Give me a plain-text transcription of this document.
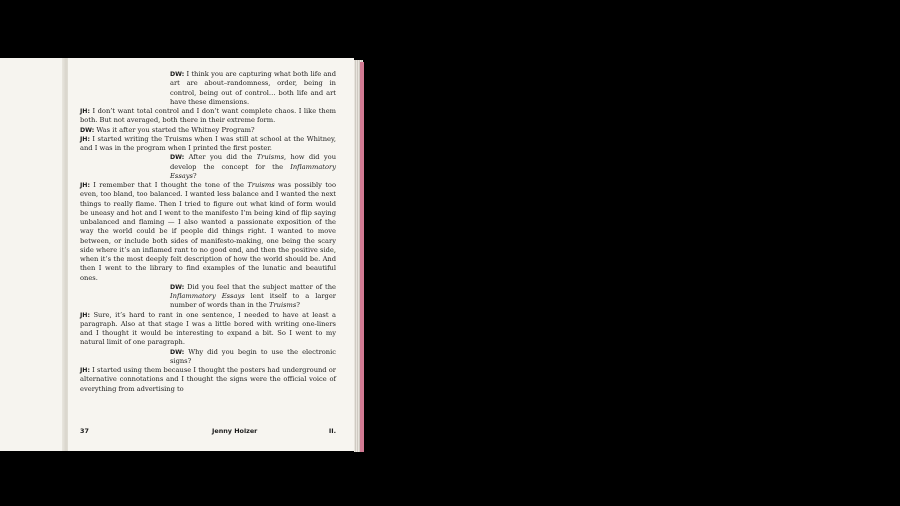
DW: I think you are capturing what both life and art are about–randomness, order, being in control, being out of control… both life and art have these dimensions.

JH: I don’t want total control and I don’t want complete chaos. I like them both. But not averaged, both there in their extreme form.

DW: Was it after you started the Whitney Program?

JH: I started writing the Truisms when I was still at school at the Whitney, and I was in the program when I printed the first poster.

DW: After you did the Truisms, how did you develop the concept for the Inflammatory Essays?

JH: I remember that I thought the tone of the Truisms was possibly too even, too bland, too balanced. I wanted less balance and I wanted the next things to really flame. Then I tried to figure out what kind of form would be uneasy and hot and I went to the manifesto I’m being kind of flip saying unbalanced and flaming — I also wanted a passionate exposition of the way the world could be if people did things right. I wanted to move between, or include both sides of manifesto-making, one being the scary side where it’s an inflamed rant to no good end, and then the positive side, when it’s the most deeply felt description of how the world should be. And then I went to the library to find examples of the lunatic and beautiful ones.

DW: Did you feel that the subject matter of the Inflammatory Essays lent itself to a larger number of words than in the Truisms?

JH: Sure, it’s hard to rant in one sentence, I needed to have at least a paragraph. Also at that stage I was a little bored with writing one-liners and I thought it would be interesting to expand a bit. So I went to my natural limit of one paragraph.

DW: Why did you begin to use the electronic signs?

JH: I started using them because I thought the posters had underground or alternative connotations and I thought the signs were the official voice of everything from advertising to

37	Jenny Holzer	II.
